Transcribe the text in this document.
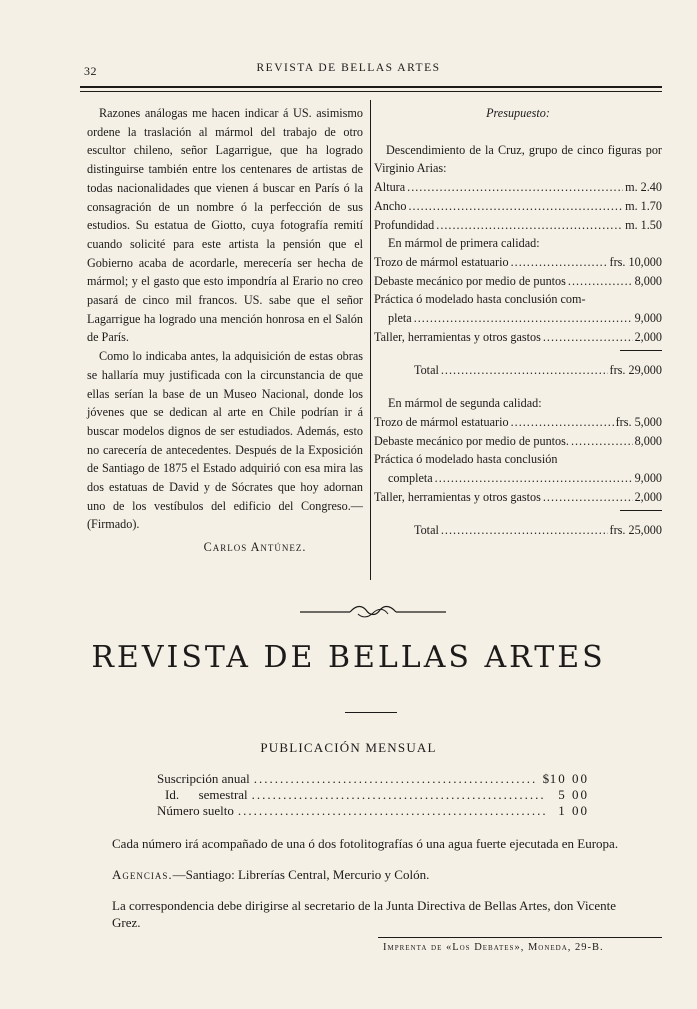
32	REVISTA DE BELLAS ARTES

Razones análogas me hacen indicar á US. asimismo ordene la traslación al mármol del trabajo de otro escultor chileno, señor Lagarrigue, que ha logrado distinguirse también entre los centenares de artistas de todas nacionalidades que vienen á buscar en París ó la consagración de un nombre ó la perfección de sus estudios. Su estatua de Giotto, cuya fotografía remití cuando solicité para este artista la pensión que el Gobierno acaba de acordarle, merecería ser hecha de mármol; y el gasto que esto impondría al Erario no creo pasará de cinco mil francos. US. sabe que el señor Lagarrigue ha logrado una mención honrosa en el Salón de París.

Como lo indicaba antes, la adquisición de estas obras se hallaría muy justificada con la circunstancia de que ellas serían la base de un Museo Nacional, donde los jóvenes que se dedican al arte en Chile podrían ir á buscar modelos dignos de ser estudiados. Además, esto no carecería de antecedentes. Después de la Exposición de Santiago de 1875 el Estado adquirió con esa mira las dos estatuas de David y de Sócrates que hoy adornan uno de los vestíbulos del edificio del Congreso.—(Firmado).

Carlos Antúnez.

Presupuesto:
Descendimiento de la Cruz, grupo de cinco figuras por Virginio Arias:
Altura .....	m. 2.40
Ancho .....	m. 1.70
Profundidad .....	m. 1.50
En mármol de primera calidad:
Trozo de mármol estatuario .....	frs. 10,000
Debaste mecánico por medio de puntos .....	8,000
Práctica ó modelado hasta conclusión com-
pleta .....	9,000
Taller, herramientas y otros gastos .....	2,000
Total .....	frs. 29,000
En mármol de segunda calidad:
Trozo de mármol estatuario .....	frs. 5,000
Debaste mecánico por medio de puntos. .....	8,000
Práctica ó modelado hasta conclusión
completa .....	9,000
Taller, herramientas y otros gastos .....	2,000
Total .....	frs. 25,000
REVISTA DE BELLAS ARTES
PUBLICACIÓN MENSUAL
Suscripción anual .....	$ 10 00
Id.      semestral .....	5 00
Número suelto .....	1 00
Cada número irá acompañado de una ó dos fotolitografías ó una agua fuerte ejecutada en Europa.
Agencias.—Santiago: Librerías Central, Mercurio y Colón.
La correspondencia debe dirigirse al secretario de la Junta Directiva de Bellas Artes, don Vicente Grez.
Imprenta de «Los Debates», Moneda, 29-B.
